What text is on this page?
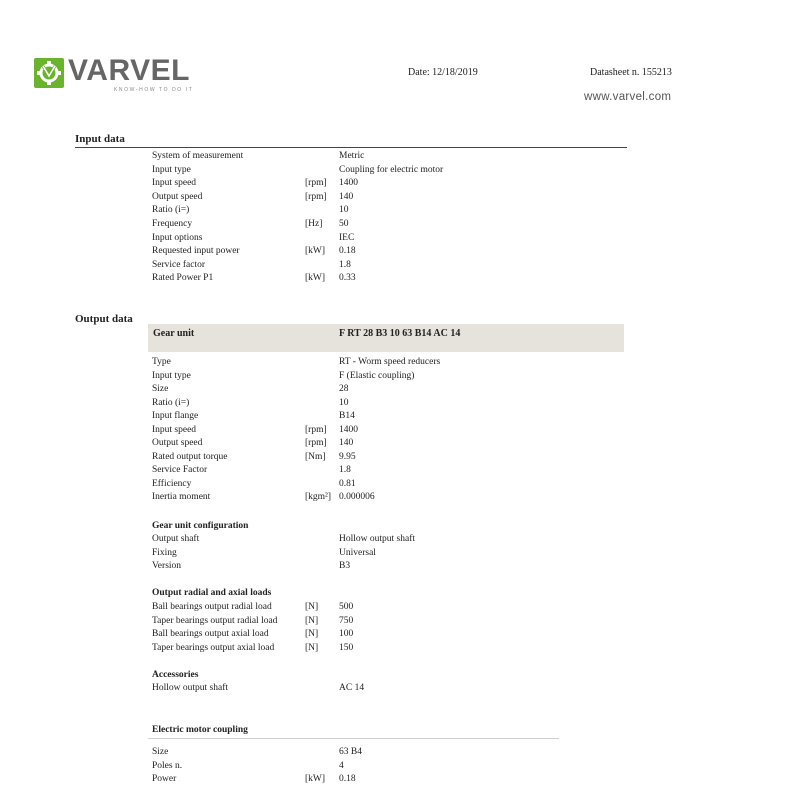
VARVEL
KNOW-HOW TO DO IT
Date: 12/18/2019	Datasheet n. 155213
www.varvel.com
Input data
System of measurement	Metric
Input type	Coupling for electric motor
Input speed	[rpm] 1400
Output speed	[rpm] 140
Ratio (i=)	10
Frequency	[Hz] 50
Input options	IEC
Requested input power	[kW] 0.18
Service factor	1.8
Rated Power P1	[kW] 0.33
Output data
Gear unit	F RT 28 B3 10 63 B14 AC 14
Type	RT - Worm speed reducers
Input type	F (Elastic coupling)
Size	28
Ratio (i=)	10
Input flange	B14
Input speed	[rpm] 1400
Output speed	[rpm] 140
Rated output torque	[Nm] 9.95
Service Factor	1.8
Efficiency	0.81
Inertia moment	[kgm²] 0.000006
Gear unit configuration
Output shaft	Hollow output shaft
Fixing	Universal
Version	B3
Output radial and axial loads
Ball bearings output radial load	[N] 500
Taper bearings output radial load	[N] 750
Ball bearings output axial load	[N] 100
Taper bearings output axial load	[N] 150
Accessories
Hollow output shaft	AC 14
Electric motor coupling
Size	63 B4
Poles n.	4
Power	[kW] 0.18
